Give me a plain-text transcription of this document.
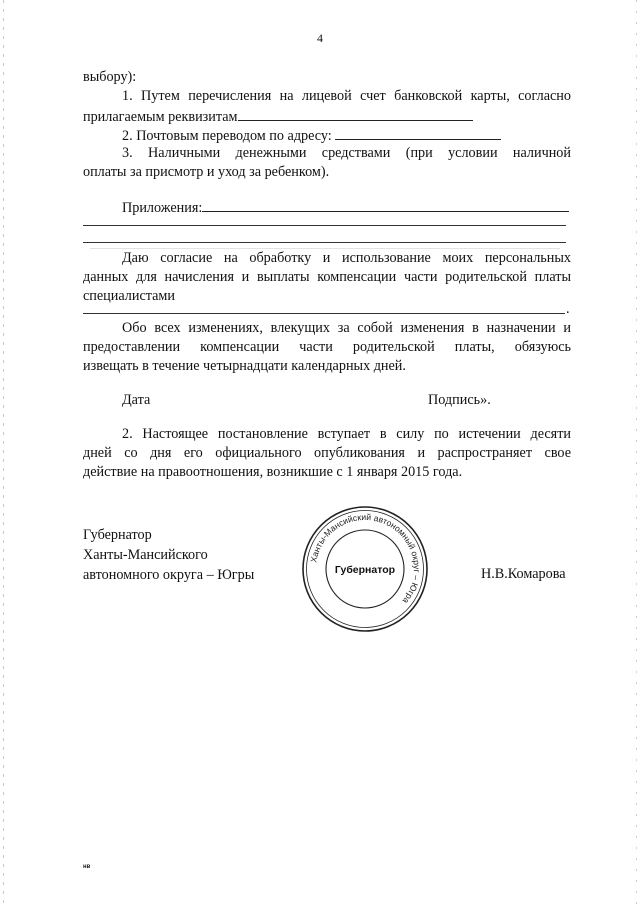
4
выбору):
1. Путем перечисления на лицевой счет банковской карты, согласно
прилагаемым реквизитам
2. Почтовым переводом по адресу:
3. Наличными денежными средствами (при условии наличной
оплаты за присмотр и уход за ребенком).
Приложения:
Даю согласие на обработку и использование моих персональных
данных для начисления и выплаты компенсации части родительской платы
специалистами
.
Обо всех изменениях, влекущих за собой изменения в назначении и
предоставлении компенсации части родительской платы, обязуюсь
извещать в течение четырнадцати календарных дней.
Дата	Подпись».
2. Настоящее постановление вступает в силу по истечении десяти
дней со дня его официального опубликования и распространяет свое
действие на правоотношения, возникшие с 1 января 2015 года.
Губернатор
Ханты-Мансийского
автономного округа – Югры
Ханты-Мансийский автономный округ – Югра
Губернатор	Н.В.Комарова
нв
